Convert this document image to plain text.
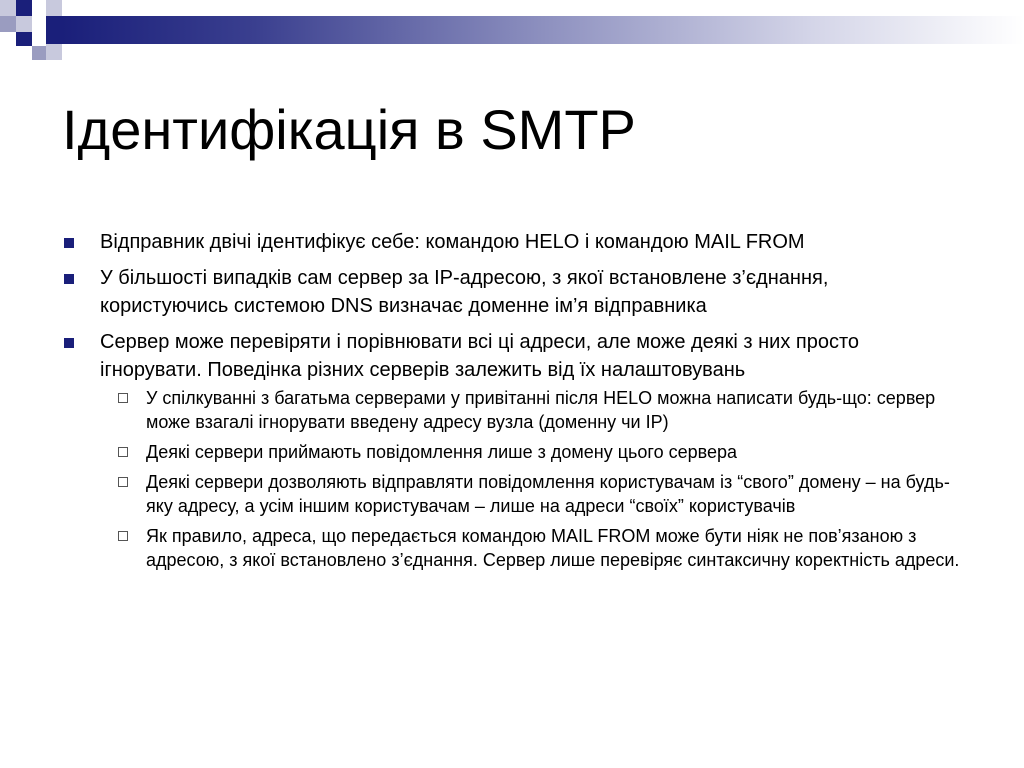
Ідентифікація в SMTP
Відправник двічі ідентифікує себе: командою HELO і командою MAIL FROM
У більшості випадків сам сервер за IP-адресою, з якої встановлене з’єднання, користуючись системою DNS визначає доменне ім’я відправника
Сервер може перевіряти і порівнювати всі ці адреси, але може деякі з них просто ігнорувати. Поведінка різних серверів залежить від їх налаштовувань
У спілкуванні з багатьма серверами у привітанні після HELO можна написати будь-що: сервер може взагалі ігнорувати введену адресу вузла (доменну чи IP)
Деякі сервери приймають повідомлення лише з домену цього сервера
Деякі сервери дозволяють відправляти повідомлення користувачам із “свого” домену – на будь-яку адресу, а усім іншим користувачам – лише на адреси “своїх” користувачів
Як правило, адреса, що передається командою MAIL FROM може бути ніяк не пов’язаною з адресою, з якої встановлено з’єднання. Сервер лише перевіряє синтаксичну коректність адреси.
